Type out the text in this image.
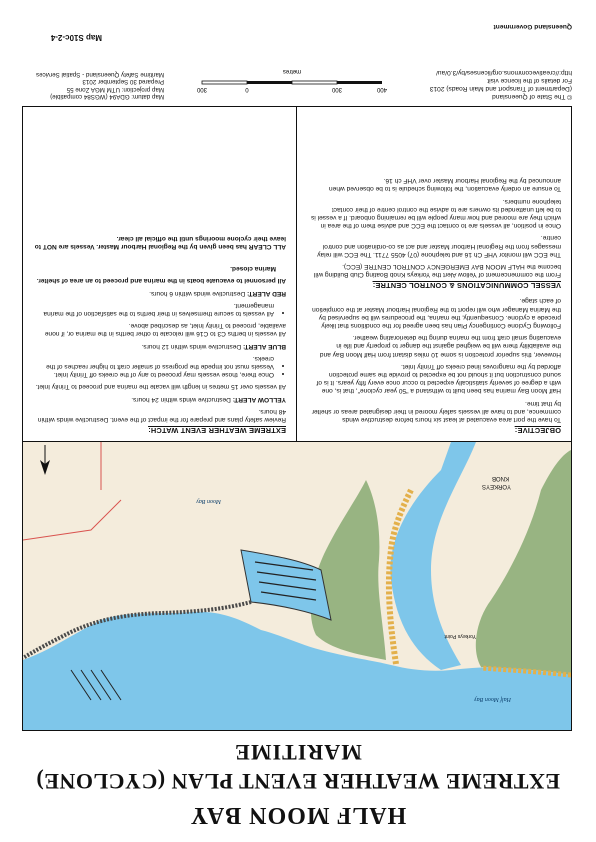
HALF MOON BAY
EXTREME WEATHER EVENT PLAN (CYCLONE)
MARITIME
Half Moon Bay
Moon Bay
YORKEYS
KNOB
Yorkeys Point
OBJECTIVE:
To have the port area evacuated at least six hours before destructive winds commence, and to have all vessels safely moored in their designated areas or shelter by that time.
Half Moon Bay marina has been built to withstand a "50 year cyclone", that is, one with a degree of severity statistically expected to occur once every fifty years. It is of sound construction but it should not be expected to provide the same protection afforded by the mangroves lined creeks off Trinity Inlet.
However, this superior protection is some 10 miles distant from Half Moon Bay and the availability there will be weighed against the danger to property and life in evacuating small craft from the marina during the deteriorating weather.
Following Cyclone Contingency Plan has been agreed for the conditions that likely precede a cyclone. Consequently, the marina, the procedures will be supervised by the Marina Manager who will report to the Regional Harbour Master at the completion of each stage.
VESSEL COMMUNICATIONS & CONTROL CENTRE:
From the commencement of Yellow Alert the Yorkeys Knob Boating Club Building will become the HALF MOON BAY EMERGENCY CONTROL CENTRE (ECC).
The ECC will monitor VHF Ch 16 and telephone (07) 4055 7711. The ECC will relay messages from the Regional Harbour Master and act as co-ordination and control centre.
Once in position, all vessels are to contact the ECC and advise them of the area in which they are moored and how many people will be remaining onboard. If a vessel is to be left unattended its owners are to advise the control centre of their contact telephone numbers.
To ensure an orderly evacuation, the following schedule is to be observed when announced by the Regional Harbour Master over VHF ch 16.
EXTREME WEATHER EVENT WATCH:
Review safety plans and prepare for the impact of the event. Destructive winds within 48 hours.
YELLOW ALERT: Destructive winds within 24 hours.
All vessels over 15 metres in length will vacate the marina and proceed to Trinity Inlet.
• Once there, those vessels may proceed to any of the creeks off Trinity Inlet.
• Vessels must not impede the progress of smaller craft to higher reaches of the creeks.
BLUE ALERT: Destructive winds within 12 hours.
All vessels in berths C3 to C16 will relocate to other berths in the marina or, if none available, proceed to Trinity Inlet, as described above.
• All vessels to secure themselves in their berths to the satisfaction of the marina management.
RED ALERT: Destructive winds within 6 hours.
All personnel to evacuate boats in the marina and proceed to an area of shelter.
Marina closed.
ALL CLEAR has been given by the Regional Harbour Master. Vessels are NOT to leave their cyclone moorings until the official all clear.
© The State of Queensland
(Department of Transport and Main Roads) 2013
For details of the licence visit
http://creativecommons.org/licenses/by/3.0/au/
Queensland Government
400
300
0
300
metres
Map datum: GDA94 (WGS84 compatible)
Map projection: UTM MGA Zone 55
Prepared 30 September 2013
Maritime Safety Queensland - Spatial Services
Map S10c-2-4
